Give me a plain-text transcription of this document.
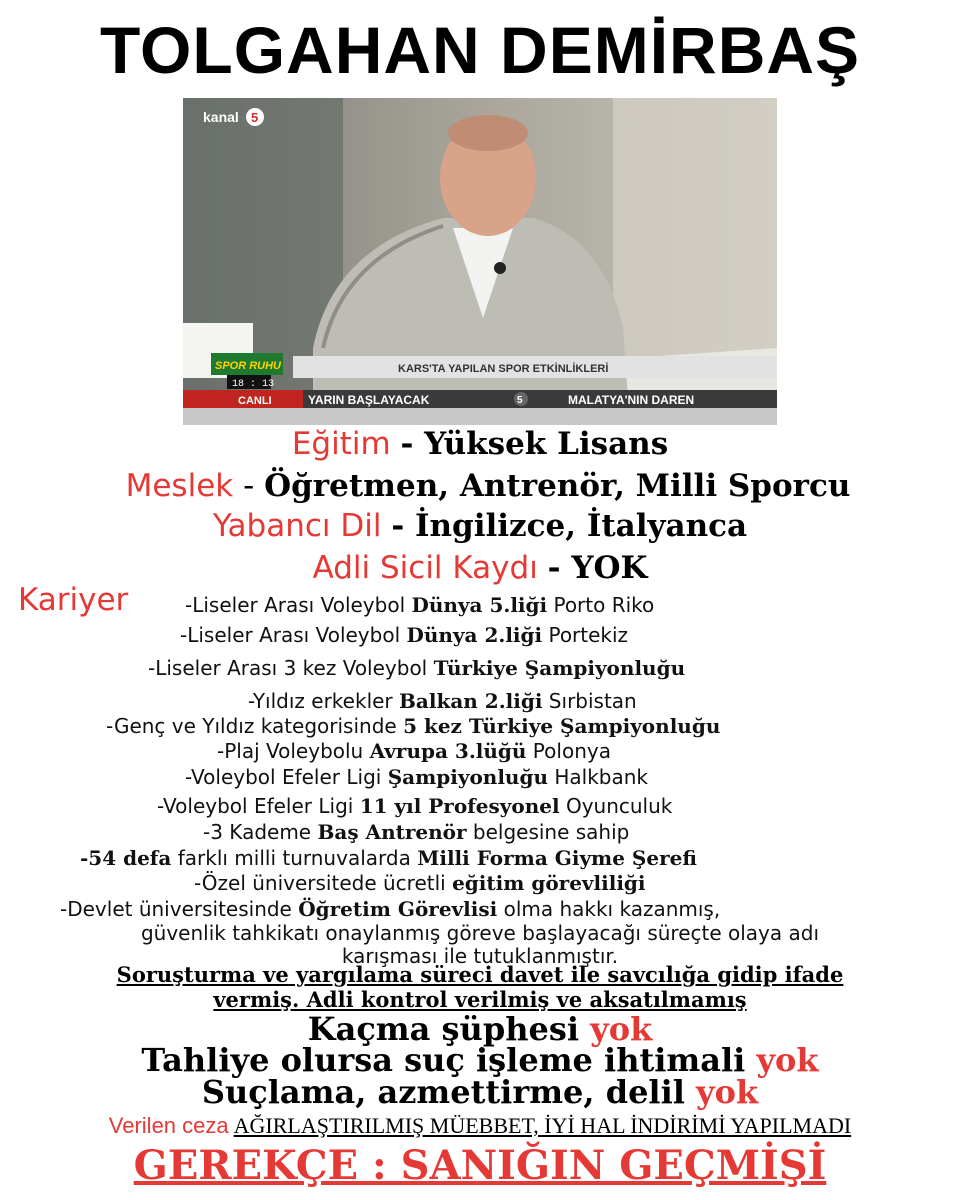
TOLGAHAN DEMİRBAŞ
kanal 5
SPOR RUHU
18 : 13
KARS'TA YAPILAN SPOR ETKİNLİKLERİ
CANLI	YARIN BAŞLAYACAK	5	MALATYA'NIN DAREN
Eğitim - Yüksek Lisans
Meslek - Öğretmen, Antrenör, Milli Sporcu
Yabancı Dil - İngilizce, İtalyanca
Adli Sicil Kaydı - YOK
Kariyer	-Liseler Arası Voleybol Dünya 5.liği Porto Riko
-Liseler Arası Voleybol Dünya 2.liği Portekiz
-Liseler Arası 3 kez Voleybol Türkiye Şampiyonluğu
-Yıldız erkekler Balkan 2.liği Sırbistan
-Genç ve Yıldız kategorisinde 5 kez Türkiye Şampiyonluğu
-Plaj Voleybolu Avrupa 3.lüğü Polonya
-Voleybol Efeler Ligi Şampiyonluğu Halkbank
-Voleybol Efeler Ligi 11 yıl Profesyonel Oyunculuk
-3 Kademe Baş Antrenör belgesine sahip
-54 defa farklı milli turnuvalarda Milli Forma Giyme Şerefi
-Özel üniversitede ücretli eğitim görevliliği
-Devlet üniversitesinde Öğretim Görevlisi olma hakkı kazanmış,
güvenlik tahkikatı onaylanmış göreve başlayacağı süreçte olaya adı
karışması ile tutuklanmıştır.
Soruşturma ve yargılama süreci davet ile savcılığa gidip ifade
vermiş. Adli kontrol verilmiş ve aksatılmamış
Kaçma şüphesi yok
Tahliye olursa suç işleme ihtimali yok
Suçlama, azmettirme, delil yok
Verilen ceza AĞIRLAŞTIRILMIŞ MÜEBBET, İYİ HAL İNDİRİMİ YAPILMADI
GEREKÇE : SANIĞIN GEÇMİŞİ
